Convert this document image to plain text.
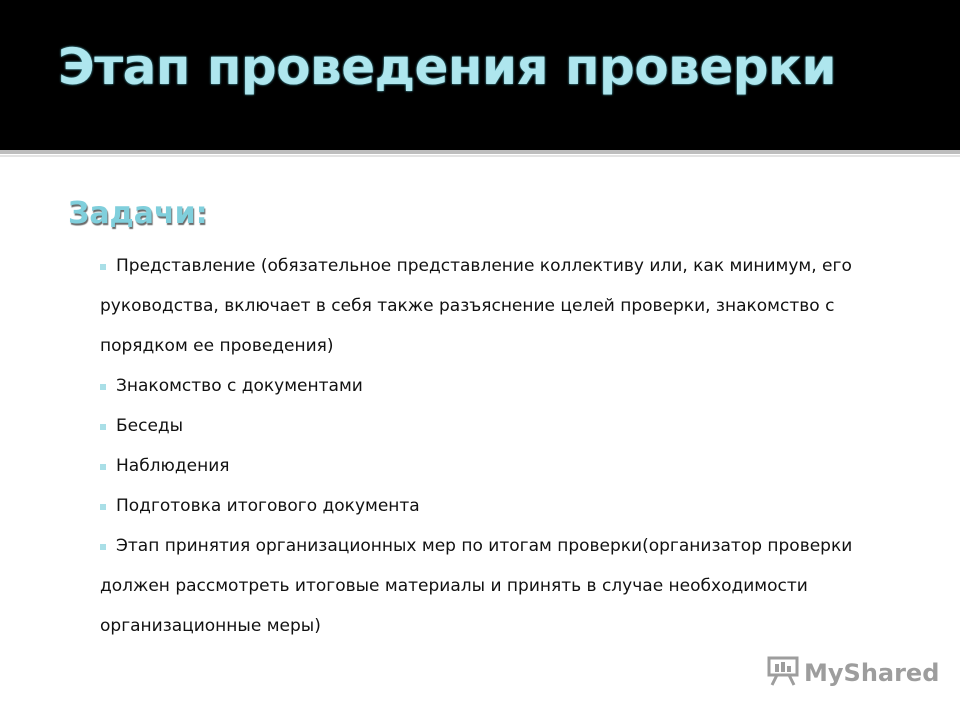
Этап проведения проверки
Задачи:
Представление (обязательное представление коллективу или, как минимум, его руководства, включает в себя также разъяснение целей проверки, знакомство с порядком ее проведения)
Знакомство с документами
Беседы
Наблюдения
Подготовка итогового документа
Этап принятия организационных мер по итогам проверки(организатор проверки должен рассмотреть итоговые материалы и принять в случае необходимости организационные меры)
MyShared
